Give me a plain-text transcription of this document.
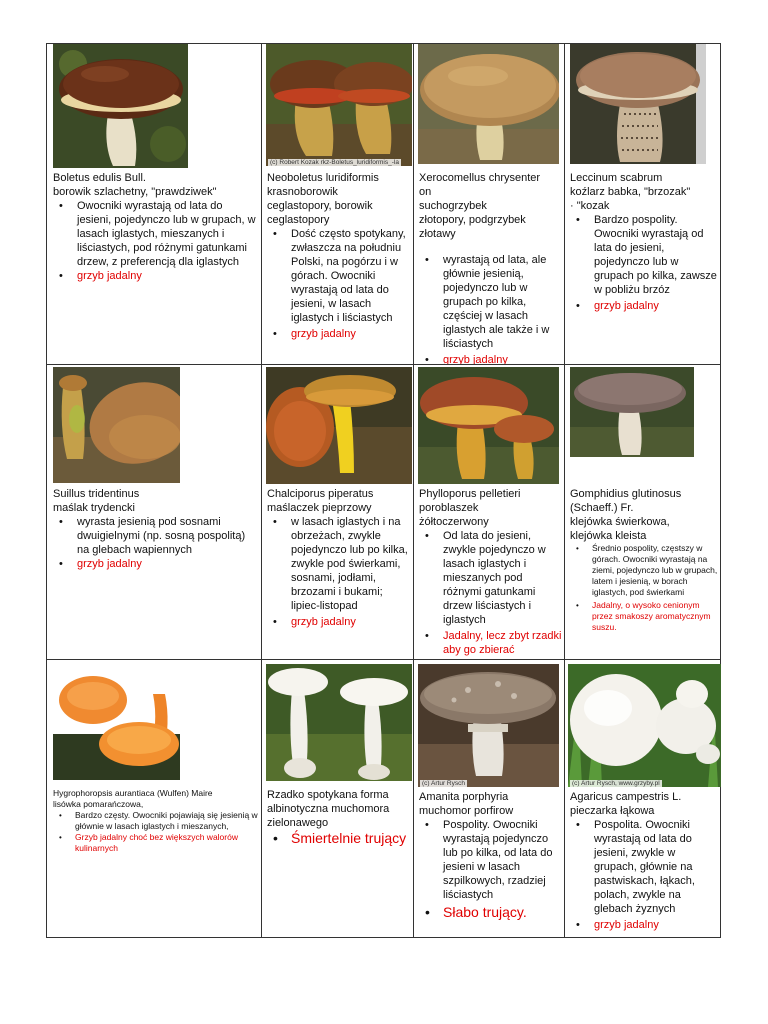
Boletus edulis Bull.
borowik szlachetny, "prawdziwek"
• Owocniki wyrastają od lata do jesieni, pojedynczo lub w grupach, w lasach iglastych, mieszanych i liściastych, pod różnymi gatunkami drzew, z preferencją dla iglastych
• grzyb jadalny
(c) Robert Kozak rkz-Boletus_luridiformis_-la
Neoboletus luridiformis
krasnoborowik
ceglastopory, borowik
ceglastopory
• Dość często spotykany, zwłaszcza na południu Polski, na pogórzu i w górach. Owocniki wyrastają od lata do jesieni, w lasach iglastych i liściastych
• grzyb jadalny
Xerocomellus chrysenter
on
suchogrzybek
złotopory, podgrzybek
złotawy
• wyrastają od lata, ale głównie jesienią, pojedynczo lub w grupach po kilka, częściej w lasach iglastych ale także i w liściastych
• grzyb jadalny
Leccinum scabrum
koźlarz babka, "brzozak"
· "kozak
• Bardzo pospolity. Owocniki wyrastają od lata do jesieni, pojedynczo lub w grupach po kilka, zawsze w pobliżu brzóz
• grzyb jadalny
Suillus tridentinus
maślak trydencki
• wyrasta jesienią pod sosnami dwuigielnymi (np. sosną pospolitą) na glebach wapiennych
• grzyb jadalny
Chalciporus piperatus
maślaczek pieprzowy
• w lasach iglastych i na obrzeżach, zwykle pojedynczo lub po kilka, zwykle pod świerkami, sosnami, jodłami, brzozami i bukami; lipiec-listopad
• grzyb jadalny
Phylloporus pelletieri
poroblaszek
żółtoczerwony
• Od lata do jesieni, zwykle pojedynczo w lasach iglastych i mieszanych pod różnymi gatunkami drzew liściastych i iglastych
• Jadalny, lecz zbyt rzadki aby go zbierać
Gomphidius glutinosus
(Schaeff.) Fr.
klejówka świerkowa,
klejówka kleista
• Średnio pospolity, częstszy w górach. Owocniki wyrastają na ziemi, pojedynczo lub w grupach, latem i jesienią, w borach iglastych, pod świerkami
• Jadalny, o wysoko cenionym przez smakoszy aromatycznym suszu.
Hygrophoropsis aurantiaca (Wulfen) Maire
lisówka pomarańczowa,
• Bardzo częsty. Owocniki pojawiają się jesienią w głównie w lasach iglastych i mieszanych,
• Grzyb jadalny choć bez większych walorów kulinarnych
Rzadko spotykana forma
albinotyczna muchomora
zielonawego
• Śmiertelnie trujący
(c) Artur Rysch
Amanita porphyria
muchomor porfirow
• Pospolity. Owocniki wyrastają pojedynczo lub po kilka, od lata do jesieni w lasach szpilkowych, rzadziej liściastych
• Słabo trujący.
(c) Artur Rysch, www.grzyby.pl
Agaricus campestris L.
pieczarka łąkowa
• Pospolita. Owocniki wyrastają od lata do jesieni, zwykle w grupach, głównie na pastwiskach, łąkach, polach, zwykle na glebach żyznych
• grzyb jadalny
